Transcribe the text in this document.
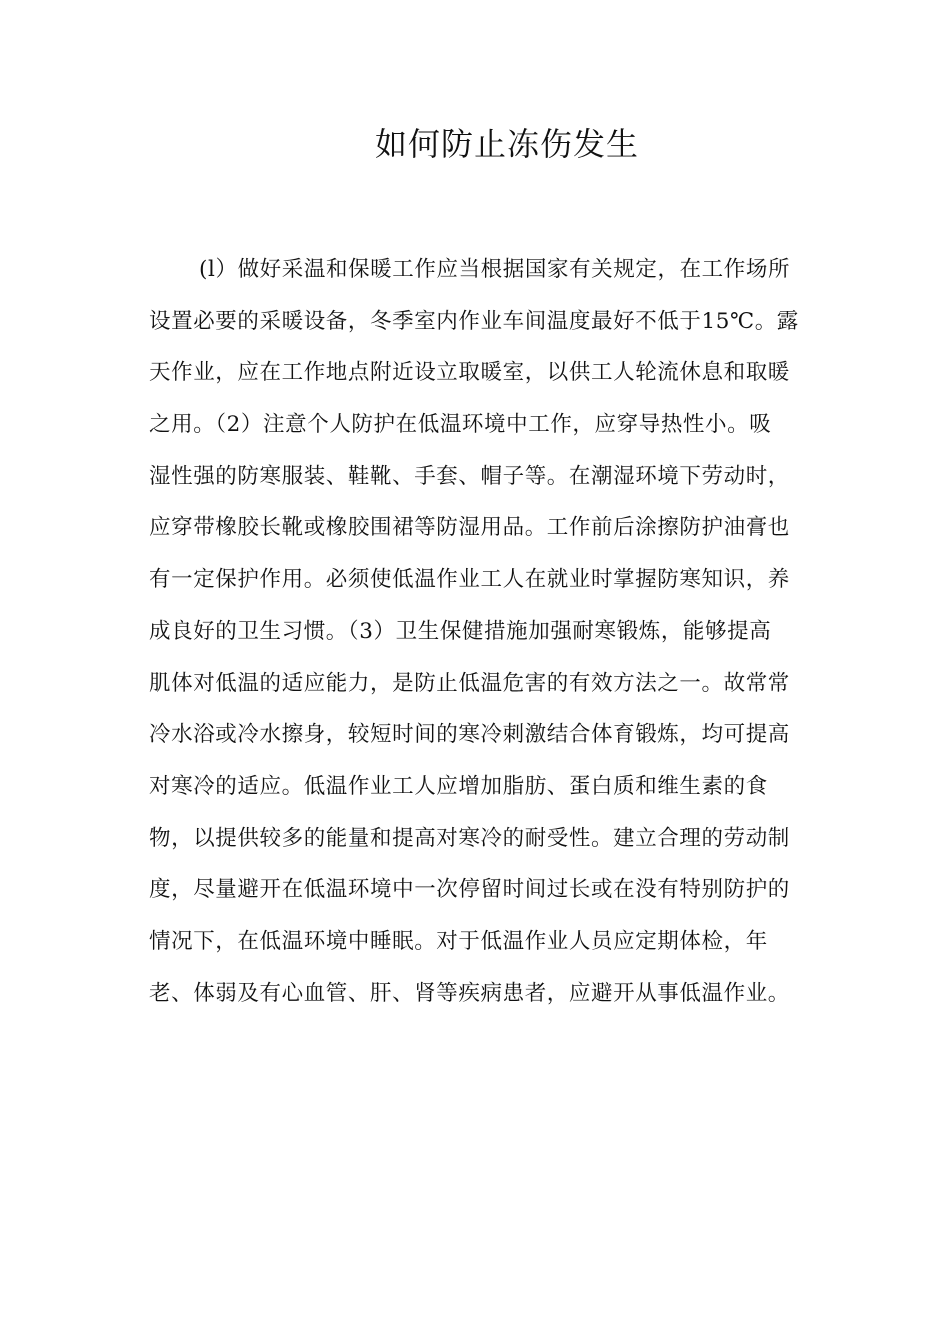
如何防止冻伤发生
(l）做好采温和保暖工作应当根据国家有关规定，在工作场所
设置必要的采暖设备，冬季室内作业车间温度最好不低于15℃。露
天作业，应在工作地点附近设立取暖室，以供工人轮流休息和取暖
之用。（2）注意个人防护在低温环境中工作，应穿导热性小。吸
湿性强的防寒服装、鞋靴、手套、帽子等。在潮湿环境下劳动时，
应穿带橡胶长靴或橡胶围裙等防湿用品。工作前后涂擦防护油膏也
有一定保护作用。必须使低温作业工人在就业时掌握防寒知识，养
成良好的卫生习惯。（3）卫生保健措施加强耐寒锻炼，能够提高
肌体对低温的适应能力，是防止低温危害的有效方法之一。故常常
冷水浴或冷水擦身，较短时间的寒冷刺激结合体育锻炼，均可提高
对寒冷的适应。低温作业工人应增加脂肪、蛋白质和维生素的食
物，以提供较多的能量和提高对寒冷的耐受性。建立合理的劳动制
度，尽量避开在低温环境中一次停留时间过长或在没有特别防护的
情况下，在低温环境中睡眠。对于低温作业人员应定期体检，年
老、体弱及有心血管、肝、肾等疾病患者，应避开从事低温作业。
